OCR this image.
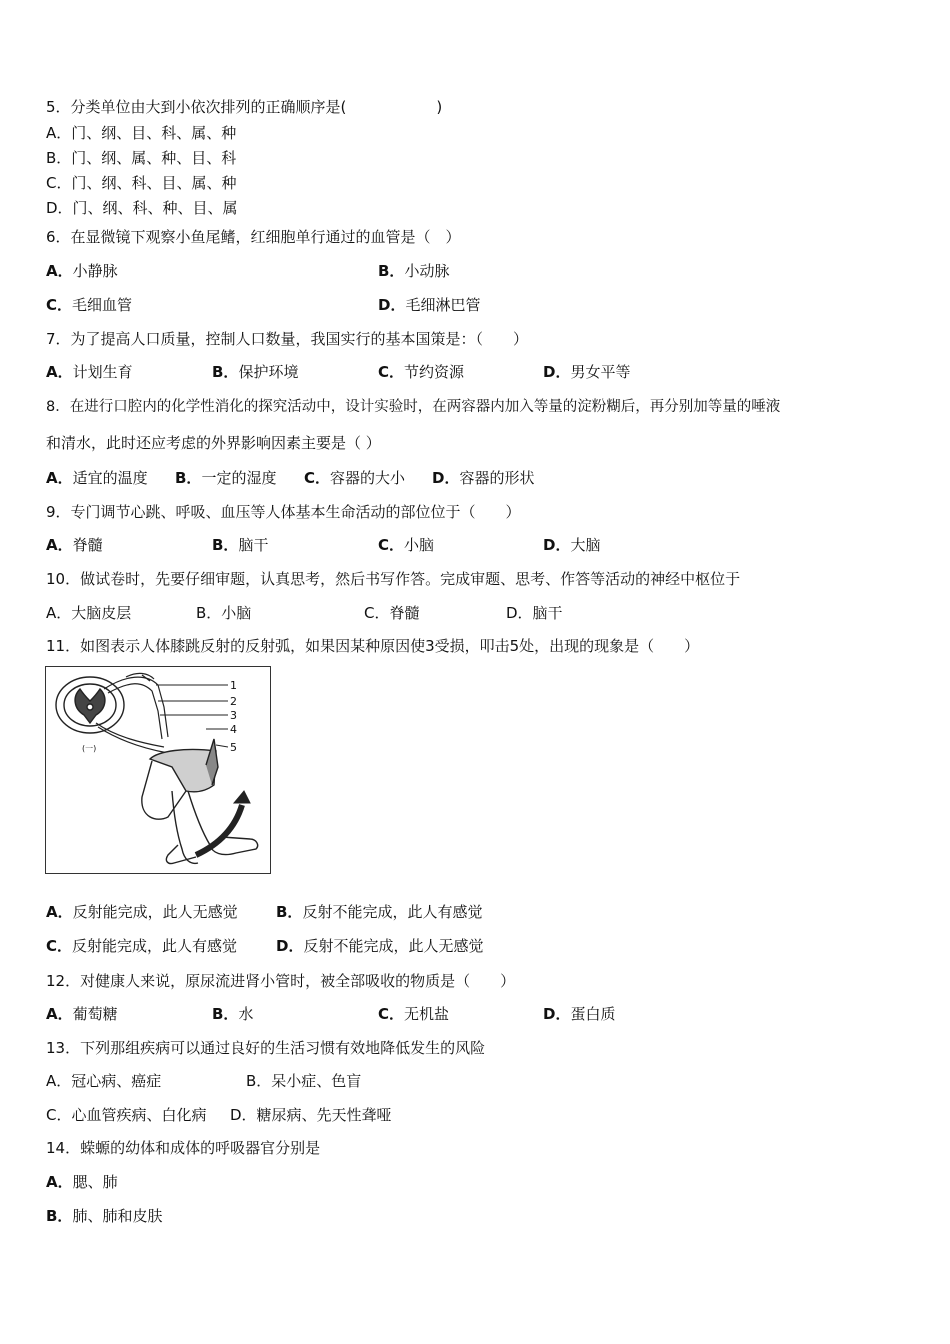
5．分类单位由大到小依次排列的正确顺序是(　　　　　　)
A．门、纲、目、科、属、种
B．门、纲、属、种、目、科
C．门、纲、科、目、属、种
D．门、纲、科、种、目、属
6．在显微镜下观察小鱼尾鳍，红细胞单行通过的血管是（　）
A．小静脉	B．小动脉
C．毛细血管	D．毛细淋巴管
7．为了提高人口质量，控制人口数量，我国实行的基本国策是：（　　）
A．计划生育	B．保护环境	C．节约资源	D．男女平等
8．在进行口腔内的化学性消化的探究活动中，设计实验时，在两容器内加入等量的淀粉糊后，再分别加等量的唾液
和清水，此时还应考虑的外界影响因素主要是（ ）
A．适宜的温度 B．一定的湿度 C．容器的大小 D．容器的形状
9．专门调节心跳、呼吸、血压等人体基本生命活动的部位位于（　　）
A．脊髓	B．脑干	C．小脑	D．大脑
10．做试卷时，先要仔细审题，认真思考，然后书写作答。完成审题、思考、作答等活动的神经中枢位于
A．大脑皮层	B．小脑	C．脊髓	D．脑干
11．如图表示人体膝跳反射的反射弧，如果因某种原因使3受损，叩击5处，出现的现象是（　　）
1
2
3
4
5
(一)
A．反射能完成，此人无感觉	B．反射不能完成，此人有感觉
C．反射能完成，此人有感觉	D．反射不能完成，此人无感觉
12．对健康人来说，原尿流进肾小管时，被全部吸收的物质是（　　）
A．葡萄糖	B．水	C．无机盐	D．蛋白质
13．下列那组疾病可以通过良好的生活习惯有效地降低发生的风险
A．冠心病、癌症	B．呆小症、色盲
C．心血管疾病、白化病 D．糖尿病、先天性聋哑
14．蝾螈的幼体和成体的呼吸器官分别是
A．腮、肺
B．肺、肺和皮肤
